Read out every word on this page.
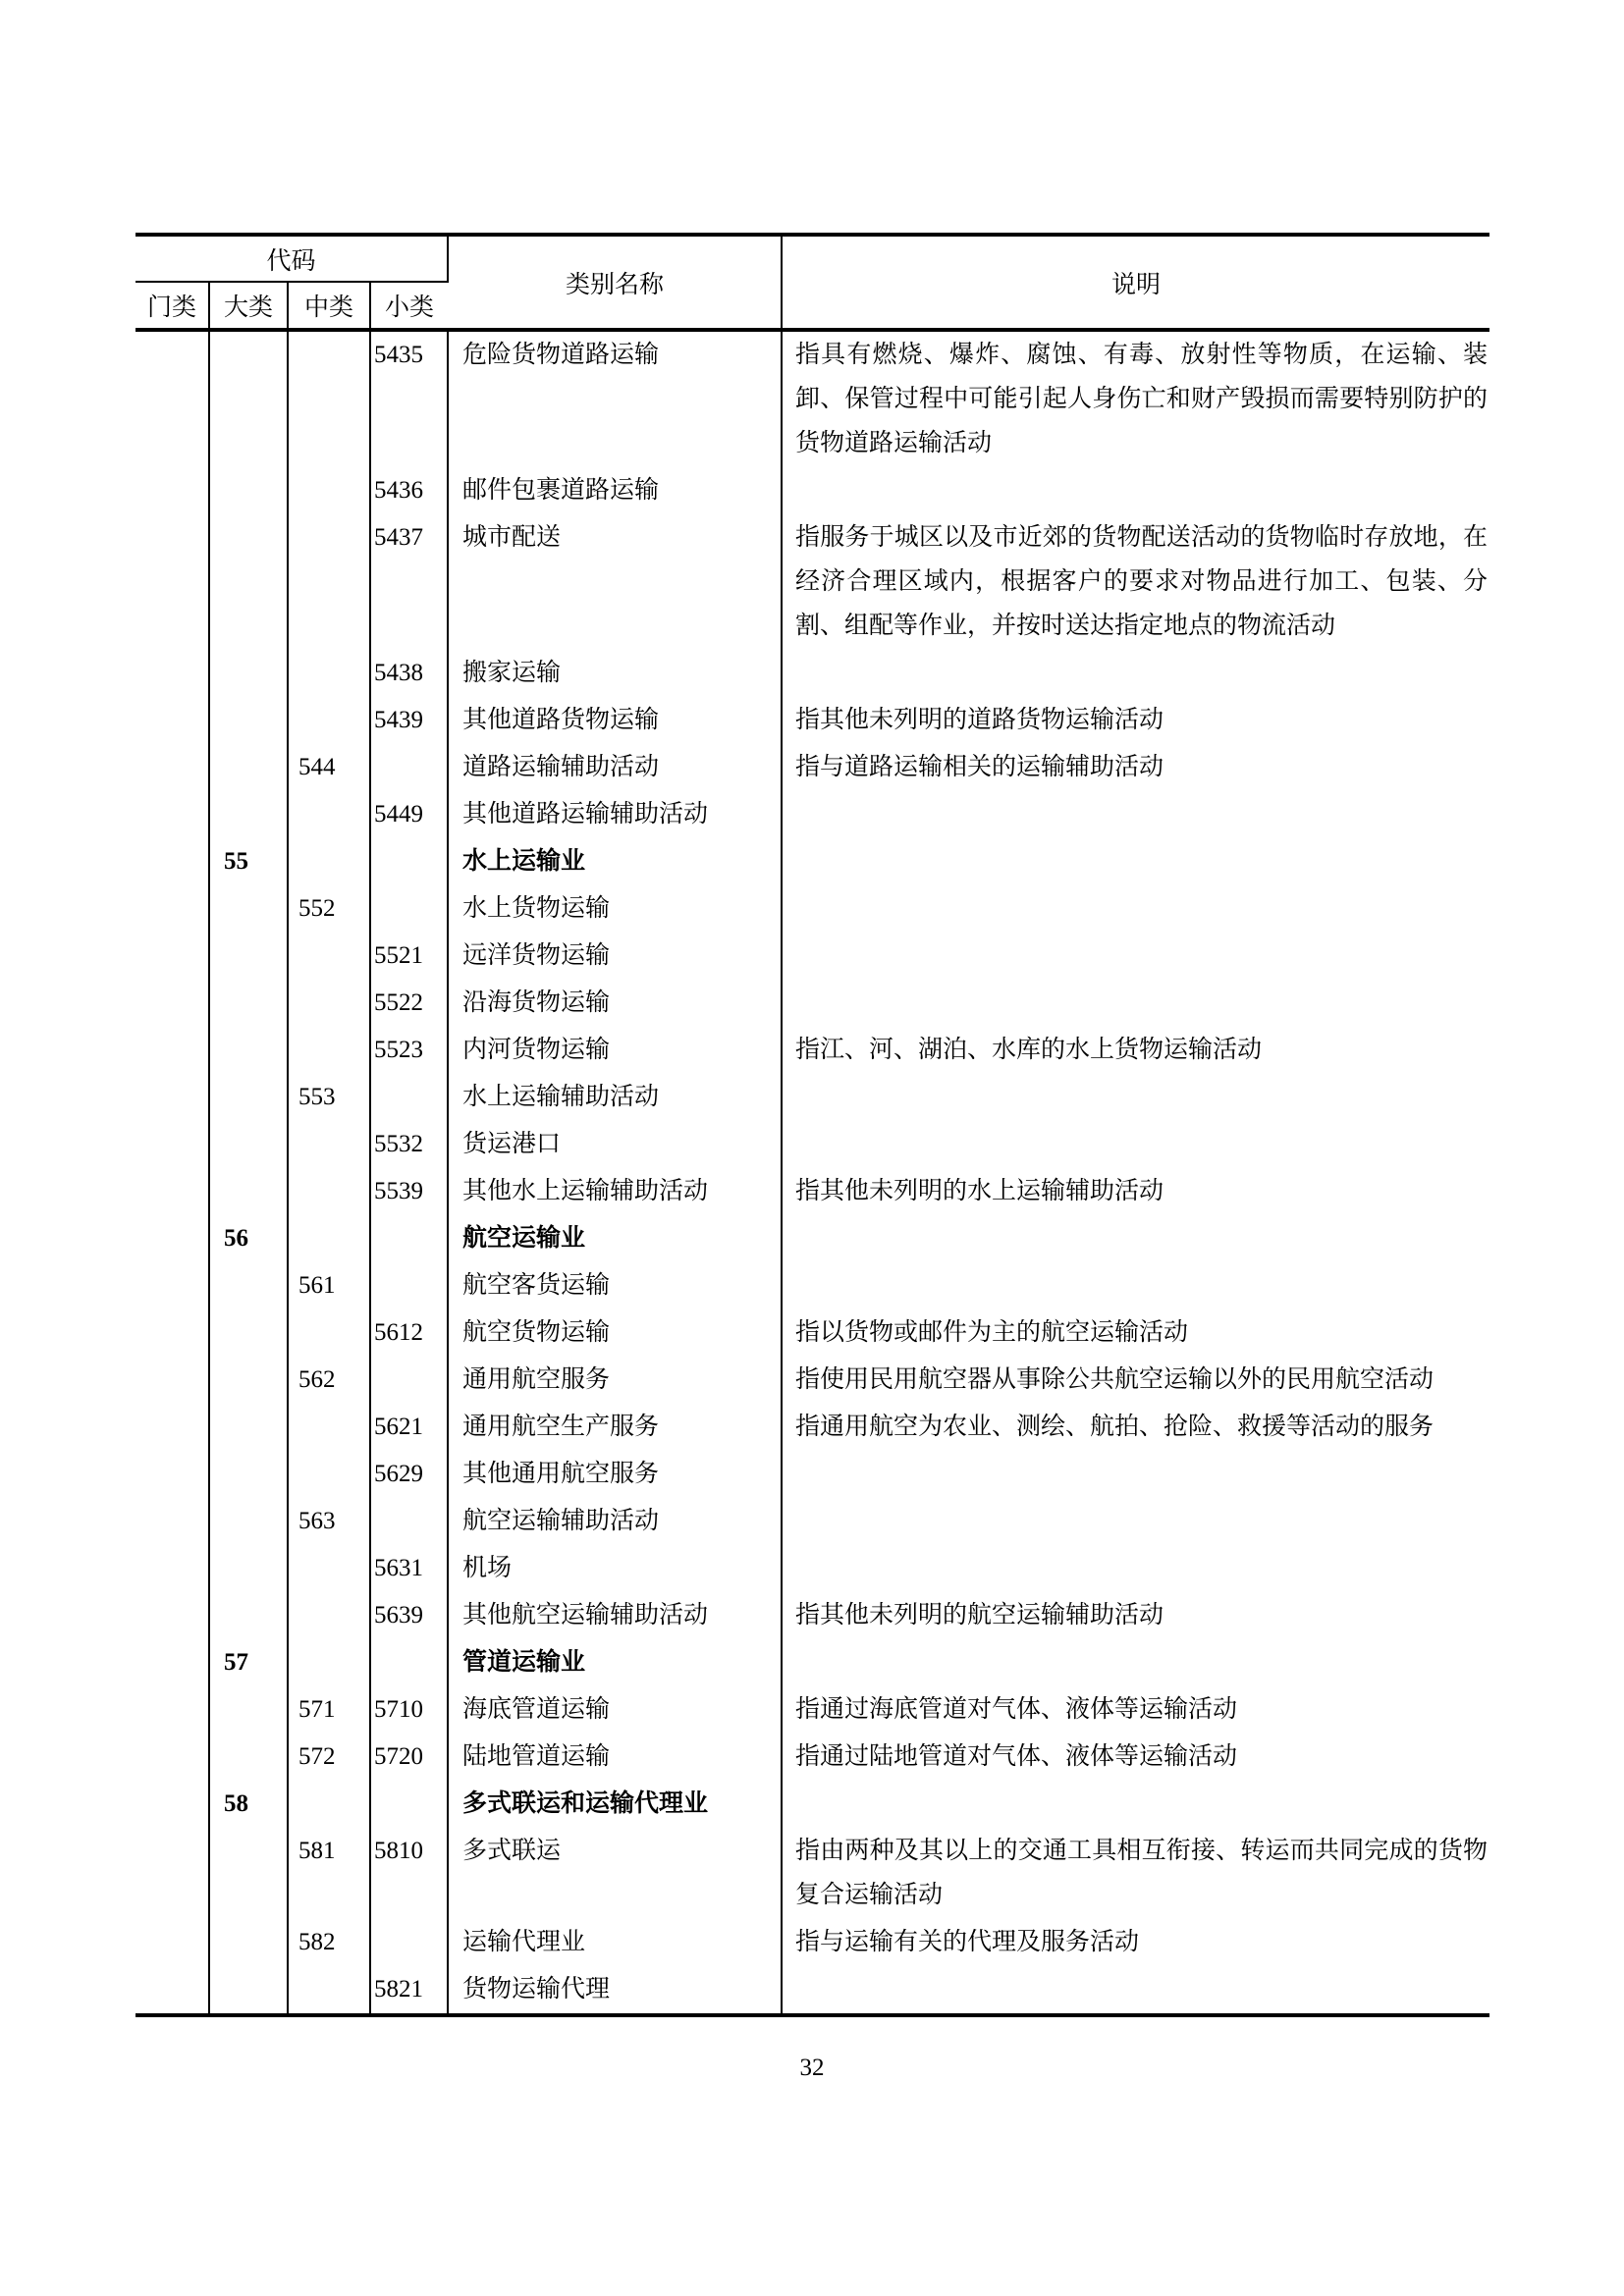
代码				类别名称	说明
门类	大类	中类	小类		
			5435	危险货物道路运输	指具有燃烧、爆炸、腐蚀、有毒、放射性等物质，在运输、装卸、保管过程中可能引起人身伤亡和财产毁损而需要特别防护的货物道路运输活动
			5436	邮件包裹道路运输	
			5437	城市配送	指服务于城区以及市近郊的货物配送活动的货物临时存放地，在经济合理区域内，根据客户的要求对物品进行加工、包装、分割、组配等作业，并按时送达指定地点的物流活动
			5438	搬家运输	
			5439	其他道路货物运输	指其他未列明的道路货物运输活动
		544		道路运输辅助活动	指与道路运输相关的运输辅助活动
			5449	其他道路运输辅助活动	
	55			水上运输业	
		552		水上货物运输	
			5521	远洋货物运输	
			5522	沿海货物运输	
			5523	内河货物运输	指江、河、湖泊、水库的水上货物运输活动
		553		水上运输辅助活动	
			5532	货运港口	
			5539	其他水上运输辅助活动	指其他未列明的水上运输辅助活动
	56			航空运输业	
		561		航空客货运输	
			5612	航空货物运输	指以货物或邮件为主的航空运输活动
		562		通用航空服务	指使用民用航空器从事除公共航空运输以外的民用航空活动
			5621	通用航空生产服务	指通用航空为农业、测绘、航拍、抢险、救援等活动的服务
			5629	其他通用航空服务	
		563		航空运输辅助活动	
			5631	机场	
			5639	其他航空运输辅助活动	指其他未列明的航空运输辅助活动
	57			管道运输业	
		571	5710	海底管道运输	指通过海底管道对气体、液体等运输活动
		572	5720	陆地管道运输	指通过陆地管道对气体、液体等运输活动
	58			多式联运和运输代理业	
		581	5810	多式联运	指由两种及其以上的交通工具相互衔接、转运而共同完成的货物复合运输活动
		582		运输代理业	指与运输有关的代理及服务活动
			5821	货物运输代理	
32
